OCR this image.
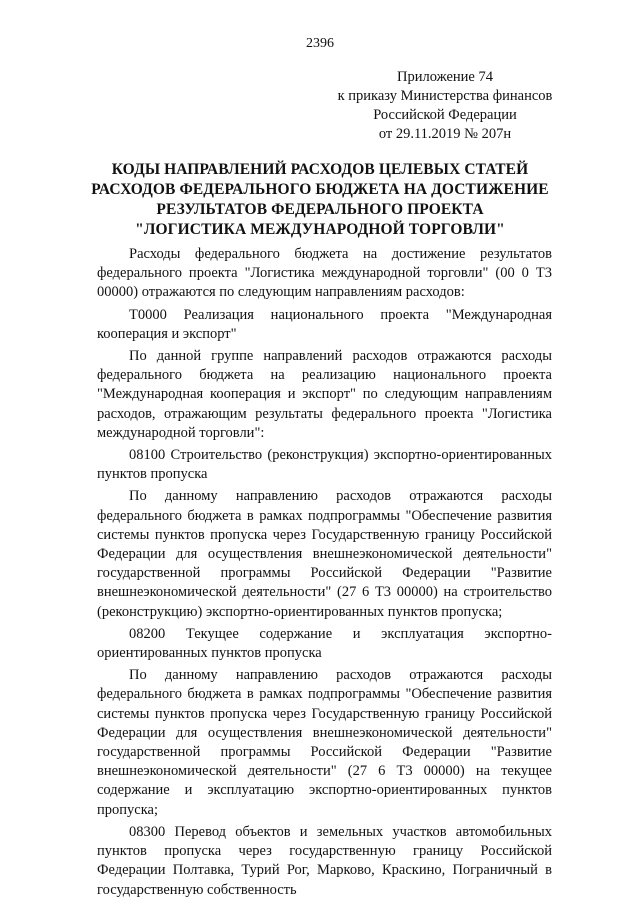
2396
Приложение 74
к приказу Министерства финансов
Российской Федерации
от 29.11.2019 № 207н
КОДЫ НАПРАВЛЕНИЙ РАСХОДОВ ЦЕЛЕВЫХ СТАТЕЙ
РАСХОДОВ ФЕДЕРАЛЬНОГО БЮДЖЕТА НА ДОСТИЖЕНИЕ
РЕЗУЛЬТАТОВ ФЕДЕРАЛЬНОГО ПРОЕКТА
"ЛОГИСТИКА МЕЖДУНАРОДНОЙ ТОРГОВЛИ"

Расходы федерального бюджета на достижение результатов федерального проекта "Логистика международной торговли" (00 0 Т3 00000) отражаются по следующим направлениям расходов:

Т0000 Реализация национального проекта "Международная кооперация и экспорт"

По данной группе направлений расходов отражаются расходы федерального бюджета на реализацию национального проекта "Международная кооперация и экспорт" по следующим направлениям расходов, отражающим результаты федерального проекта "Логистика международной торговли":

08100 Строительство (реконструкция) экспортно-ориентированных пунктов пропуска

По данному направлению расходов отражаются расходы федерального бюджета в рамках подпрограммы "Обеспечение развития системы пунктов пропуска через Государственную границу Российской Федерации для осуществления внешнеэкономической деятельности" государственной программы Российской Федерации "Развитие внешнеэкономической деятельности" (27 6 Т3 00000) на строительство (реконструкцию) экспортно-ориентированных пунктов пропуска;

08200 Текущее содержание и эксплуатация экспортно-ориентированных пунктов пропуска

По данному направлению расходов отражаются расходы федерального бюджета в рамках подпрограммы "Обеспечение развития системы пунктов пропуска через Государственную границу Российской Федерации для осуществления внешнеэкономической деятельности" государственной программы Российской Федерации "Развитие внешнеэкономической деятельности" (27 6 Т3 00000) на текущее содержание и эксплуатацию экспортно-ориентированных пунктов пропуска;

08300 Перевод объектов и земельных участков автомобильных пунктов пропуска через государственную границу Российской Федерации Полтавка, Турий Рог, Марково, Краскино, Пограничный в государственную собственность
